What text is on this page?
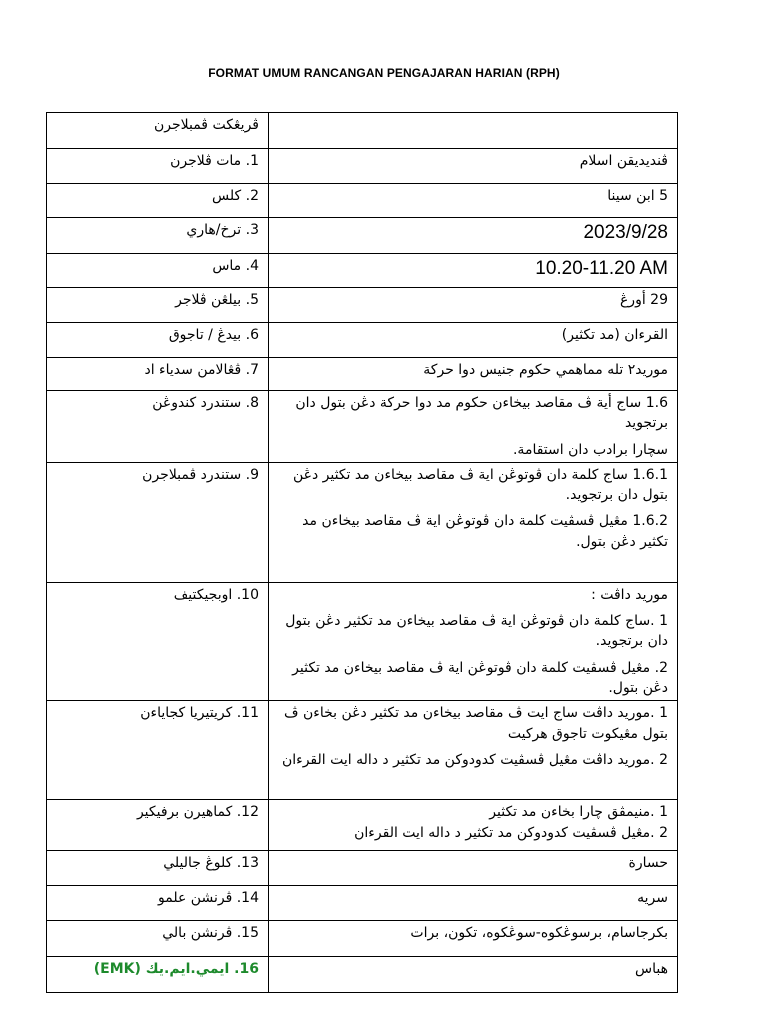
FORMAT UMUM RANCANGAN PENGAJARAN HARIAN (RPH)
ڤريڠكت ڤمبلاجرن	
1. مات ڤلاجرن	ڤنديديقن اسلام
2. کلس	5 ابن سينا
3. ترخ/هاري	2023/9/28
4. ماس	10.20-11.20 AM
5. بيلڠن ڤلاجر	29 أورڠ
6. بيدڠ / تاجوق	القرءان (مد تكثير)
7. ڤڠالامن سدياء اد	موريد٢ تله مماهمي حكوم جنيس دوا حرکة
8. ستندرد کندوڠن	1.6 ساج أية ڤ مقاصد بيخاءن حكوم مد دوا حرکة دڠن بتول دان برتجويد
سچارا برادب دان استقامة.

9. ستندرد ڤمبلاجرن	1.6.1 ساج کلمة دان ڤوتوڠن اية ڤ مقاصد بيخاءن مد تكثير دڠن بتول دان برتجويد.
1.6.2 مڠيل ڤسڤيت کلمة دان ڤوتوڠن اية ڤ مقاصد بيخاءن مد تكثير دڠن بتول.

10. اوبجيکتيف	موريد داڤت :
1 .ساج کلمة دان ڤوتوڠن اية ڤ مقاصد بيخاءن مد تكثير دڠن بتول دان برتجويد.
2. مڠيل ڤسڤيت کلمة دان ڤوتوڠن اية ڤ مقاصد بيخاءن مد تكثير دڠن بتول.

11. کريتيريا کجاياءن	1 .موريد داڤت ساج ايت ڤ مقاصد بيخاءن مد تكثير دڠن بخاءن ڤ بتول مڠيکوت تاجوق هرکيت
2 .موريد داڤت مڠيل ڤسڤيت کدودوکن مد تكثير د داله ايت القرءان

12. کماهيرن برفيکير	1 .منيمڤق چارا بخاءن مد تكثير
2 .مڠيل ڤسڤيت کدودوکن مد تكثير د داله ايت القرءان

13. کلوڠ جاليلي	حسارة
14. ڤرنشن علمو	سريه
15. ڤرنشن بالي	بکرجاسام، برسوڠکوه-سوڠکوه، تکون، برات
16. ايمي.ايم.يك (EMK)	هباس
